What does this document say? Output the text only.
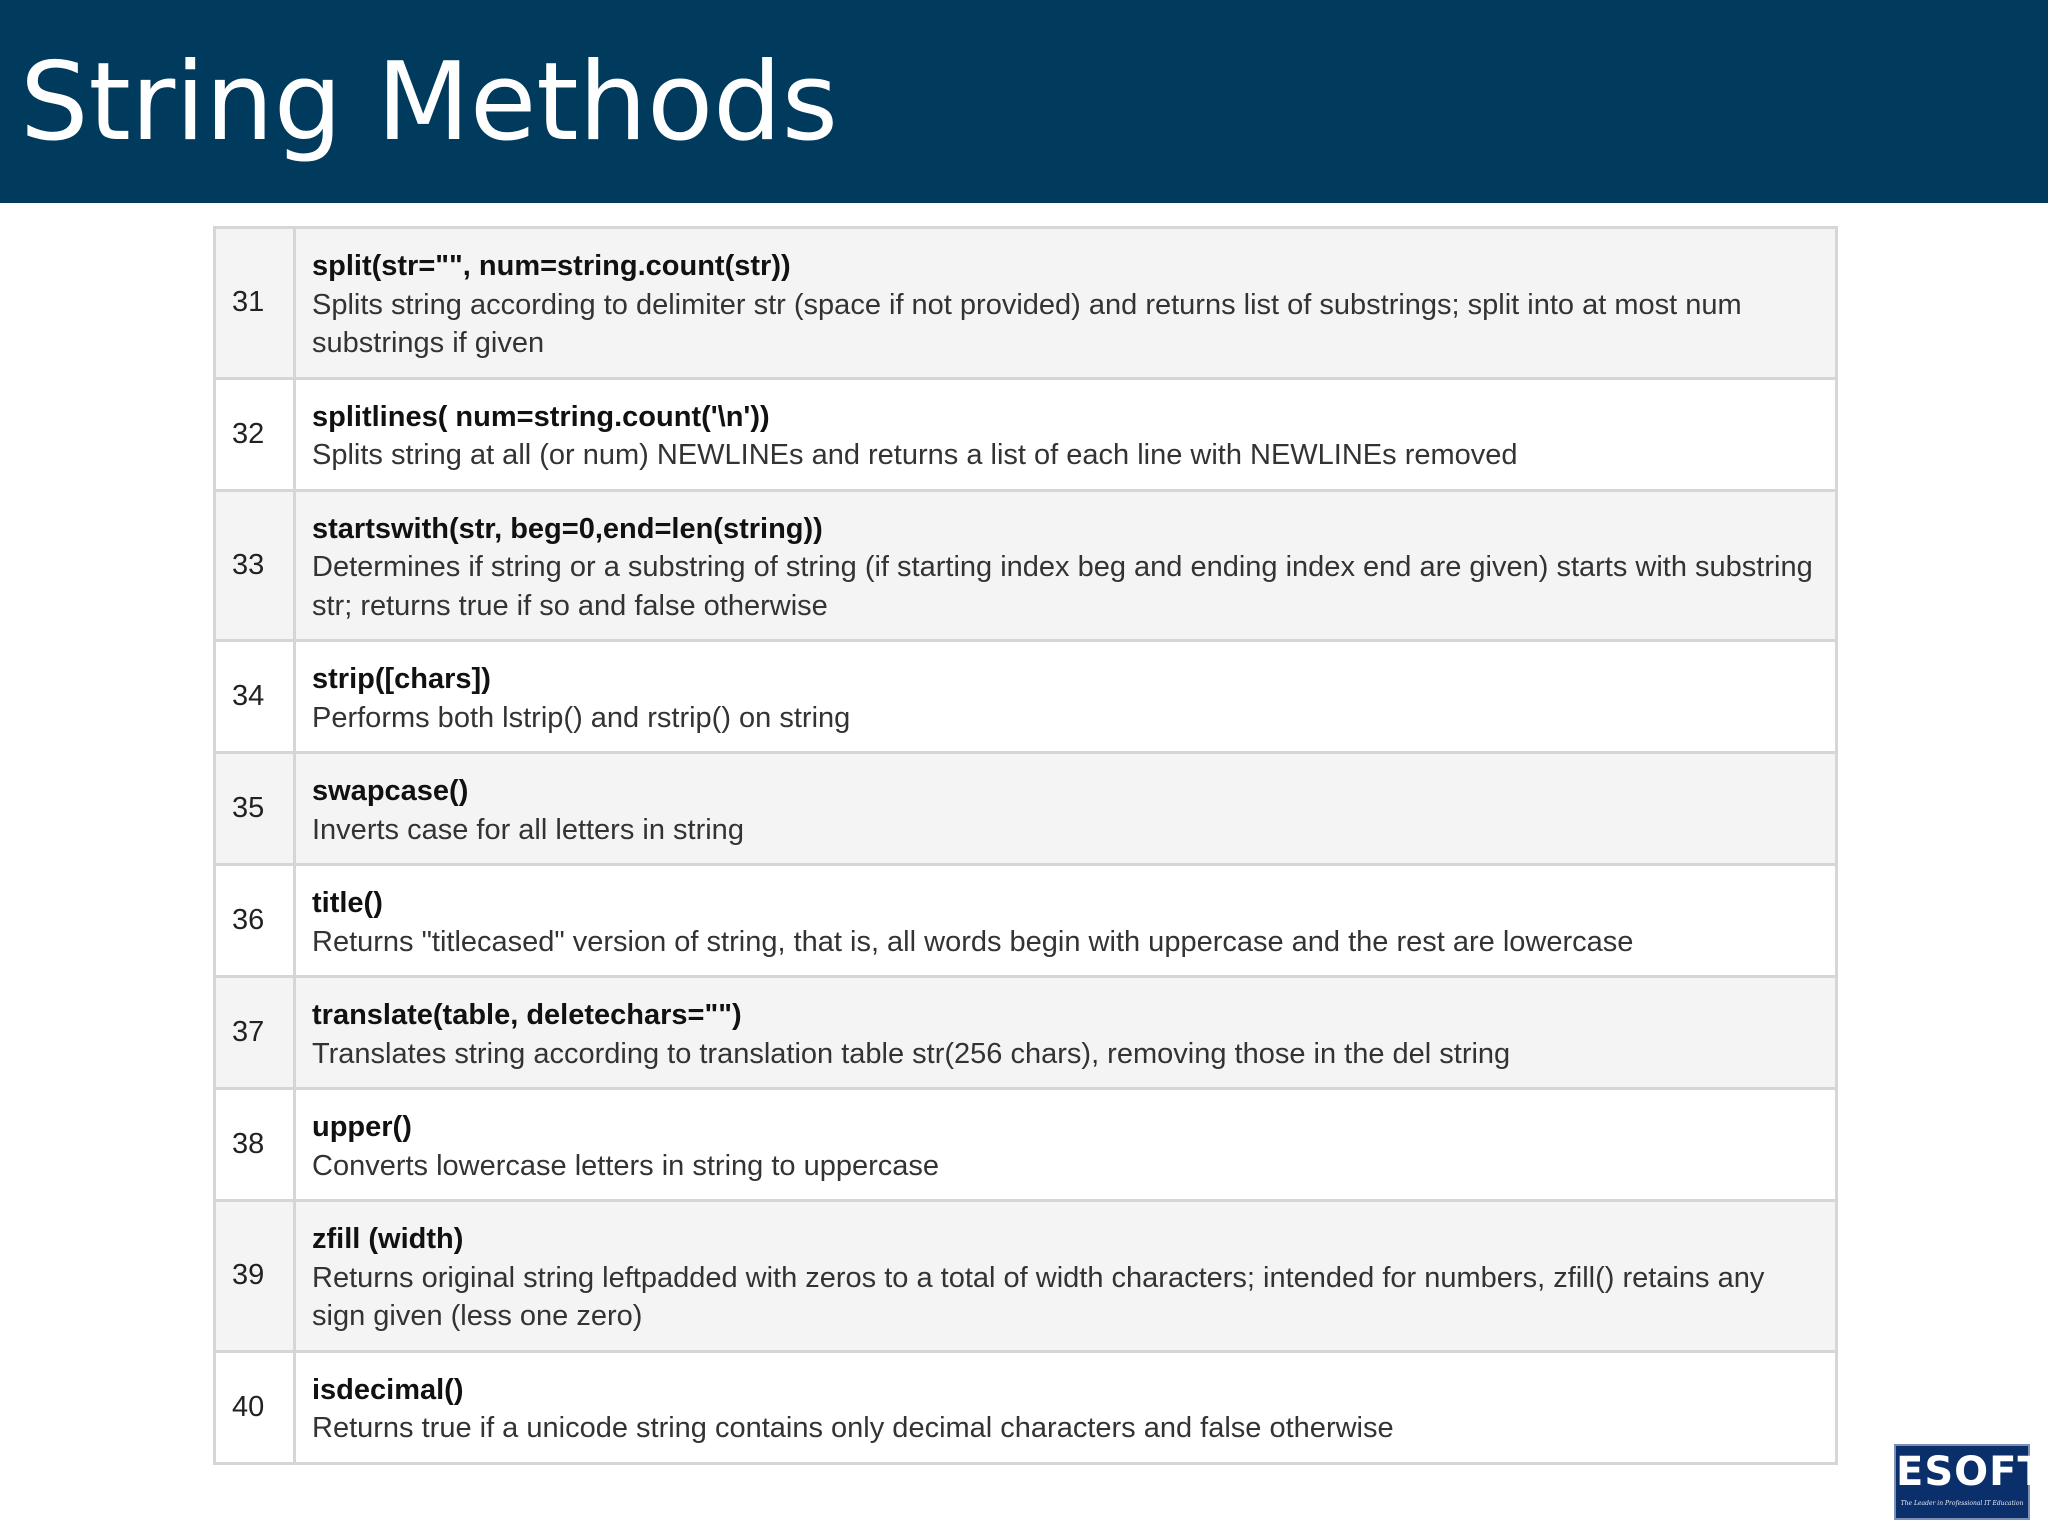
String Methods
31
split(str="", num=string.count(str))
Splits string according to delimiter str (space if not provided) and returns list of substrings; split into at most num substrings if given
32
splitlines( num=string.count('\n'))
Splits string at all (or num) NEWLINEs and returns a list of each line with NEWLINEs removed
33
startswith(str, beg=0,end=len(string))
Determines if string or a substring of string (if starting index beg and ending index end are given) starts with substring str; returns true if so and false otherwise
34
strip([chars])
Performs both lstrip() and rstrip() on string
35
swapcase()
Inverts case for all letters in string
36
title()
Returns "titlecased" version of string, that is, all words begin with uppercase and the rest are lowercase
37
translate(table, deletechars="")
Translates string according to translation table str(256 chars), removing those in the del string
38
upper()
Converts lowercase letters in string to uppercase
39
zfill (width)
Returns original string leftpadded with zeros to a total of width characters; intended for numbers, zfill() retains any sign given (less one zero)
40
isdecimal()
Returns true if a unicode string contains only decimal characters and false otherwise
ESOFT
The Leader in Professional IT Education
